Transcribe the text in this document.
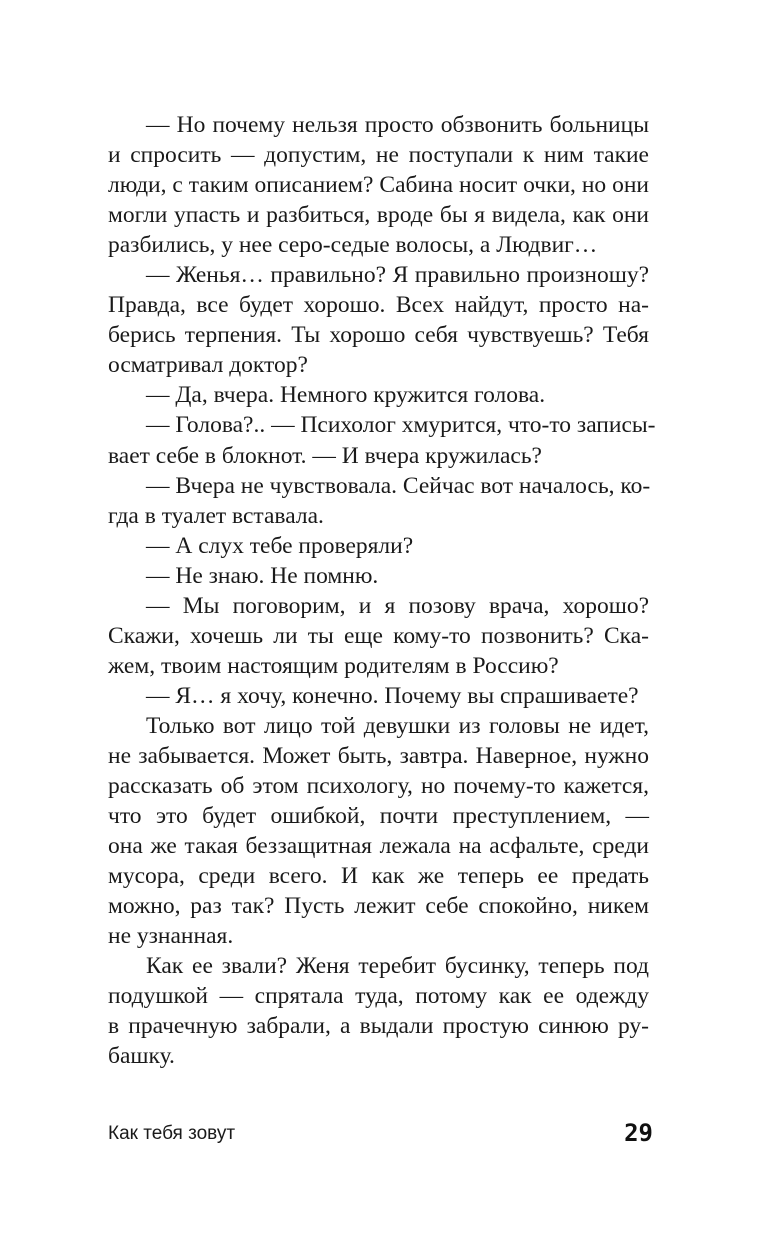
— Но почему нельзя просто обзвонить больницы
и спросить — допустим, не поступали к ним такие
люди, с таким описанием? Сабина носит очки, но они
могли упасть и разбиться, вроде бы я видела, как они
разбились, у нее серо-седые волосы, а Людвиг…
— Женья… правильно? Я правильно произношу?
Правда, все будет хорошо. Всех найдут, просто на-
берись терпения. Ты хорошо себя чувствуешь? Тебя
осматривал доктор?
— Да, вчера. Немного кружится голова.
— Голова?.. — Психолог хмурится, что-то записы-
вает себе в блокнот. — И вчера кружилась?
— Вчера не чувствовала. Сейчас вот началось, ко-
гда в туалет вставала.
— А слух тебе проверяли?
— Не знаю. Не помню.
— Мы поговорим, и я позову врача, хорошо?
Скажи, хочешь ли ты еще кому-то позвонить? Ска-
жем, твоим настоящим родителям в Россию?
— Я… я хочу, конечно. Почему вы спрашиваете?
Только вот лицо той девушки из головы не идет,
не забывается. Может быть, завтра. Наверное, нужно
рассказать об этом психологу, но почему-то кажется,
что это будет ошибкой, почти преступлением, —
она же такая беззащитная лежала на асфальте, среди
мусора, среди всего. И как же теперь ее предать
можно, раз так? Пусть лежит себе спокойно, никем
не узнанная.
Как ее звали? Женя теребит бусинку, теперь под
подушкой — спрятала туда, потому как ее одежду
в прачечную забрали, а выдали простую синюю ру-
башку.
Как тебя зовут	29
